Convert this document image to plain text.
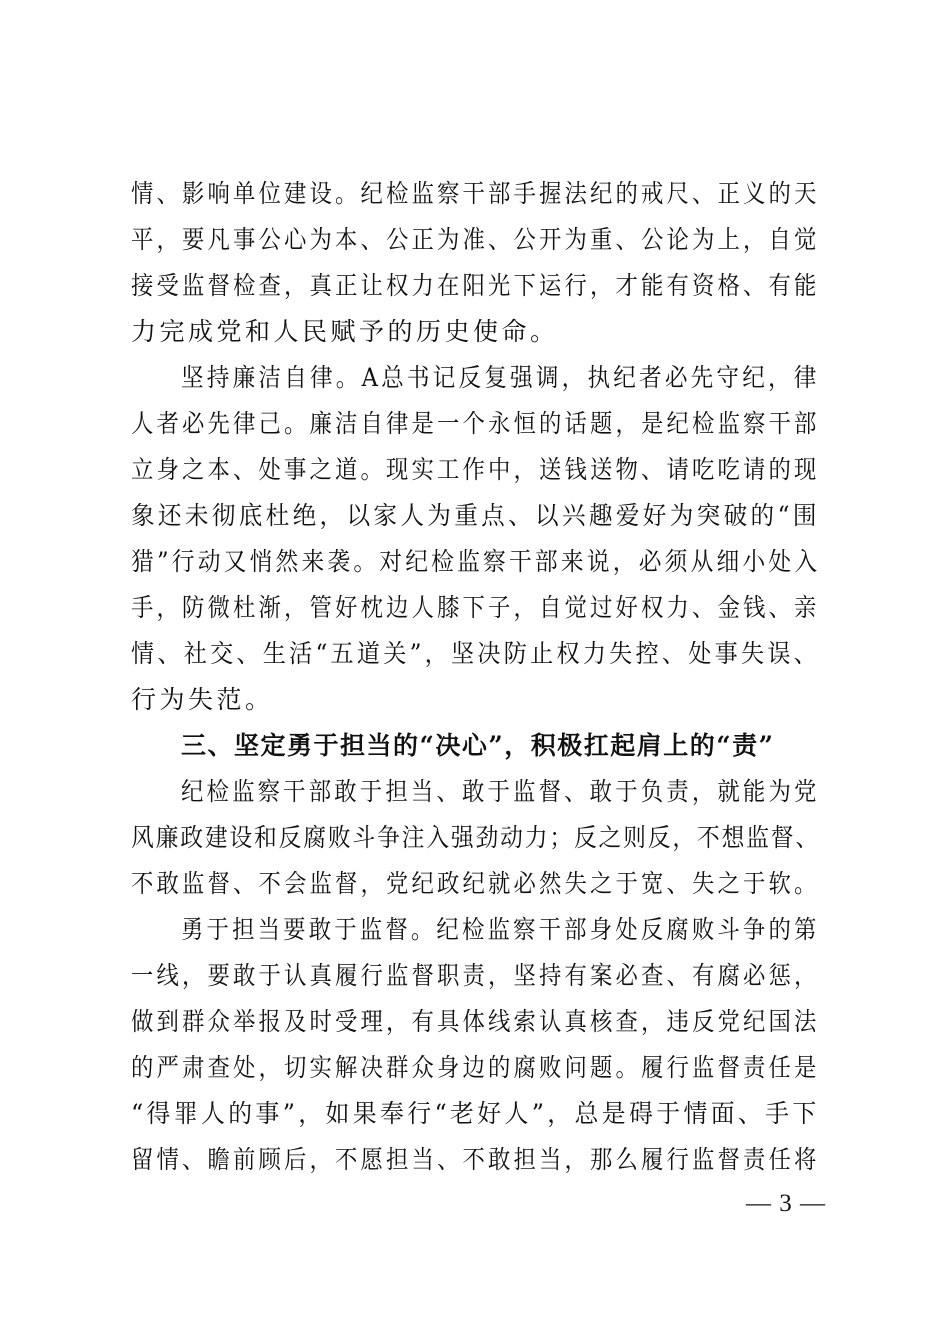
情、影响单位建设。纪检监察干部手握法纪的戒尺、正义的天
平，要凡事公心为本、公正为准、公开为重、公论为上，自觉
接受监督检查，真正让权力在阳光下运行，才能有资格、有能
力完成党和人民赋予的历史使命。
坚持廉洁自律。A总书记反复强调，执纪者必先守纪，律
人者必先律己。廉洁自律是一个永恒的话题，是纪检监察干部
立身之本、处事之道。现实工作中，送钱送物、请吃吃请的现
象还未彻底杜绝，以家人为重点、以兴趣爱好为突破的“围
猎”行动又悄然来袭。对纪检监察干部来说，必须从细小处入
手，防微杜渐，管好枕边人膝下子，自觉过好权力、金钱、亲
情、社交、生活“五道关”，坚决防止权力失控、处事失误、
行为失范。
三、坚定勇于担当的“决心”，积极扛起肩上的“责”
纪检监察干部敢于担当、敢于监督、敢于负责，就能为党
风廉政建设和反腐败斗争注入强劲动力；反之则反，不想监督、
不敢监督、不会监督，党纪政纪就必然失之于宽、失之于软。
勇于担当要敢于监督。纪检监察干部身处反腐败斗争的第
一线，要敢于认真履行监督职责，坚持有案必查、有腐必惩，
做到群众举报及时受理，有具体线索认真核查，违反党纪国法
的严肃查处，切实解决群众身边的腐败问题。履行监督责任是
“得罪人的事”，如果奉行“老好人”，总是碍于情面、手下
留情、瞻前顾后，不愿担当、不敢担当，那么履行监督责任将
— 3 —
